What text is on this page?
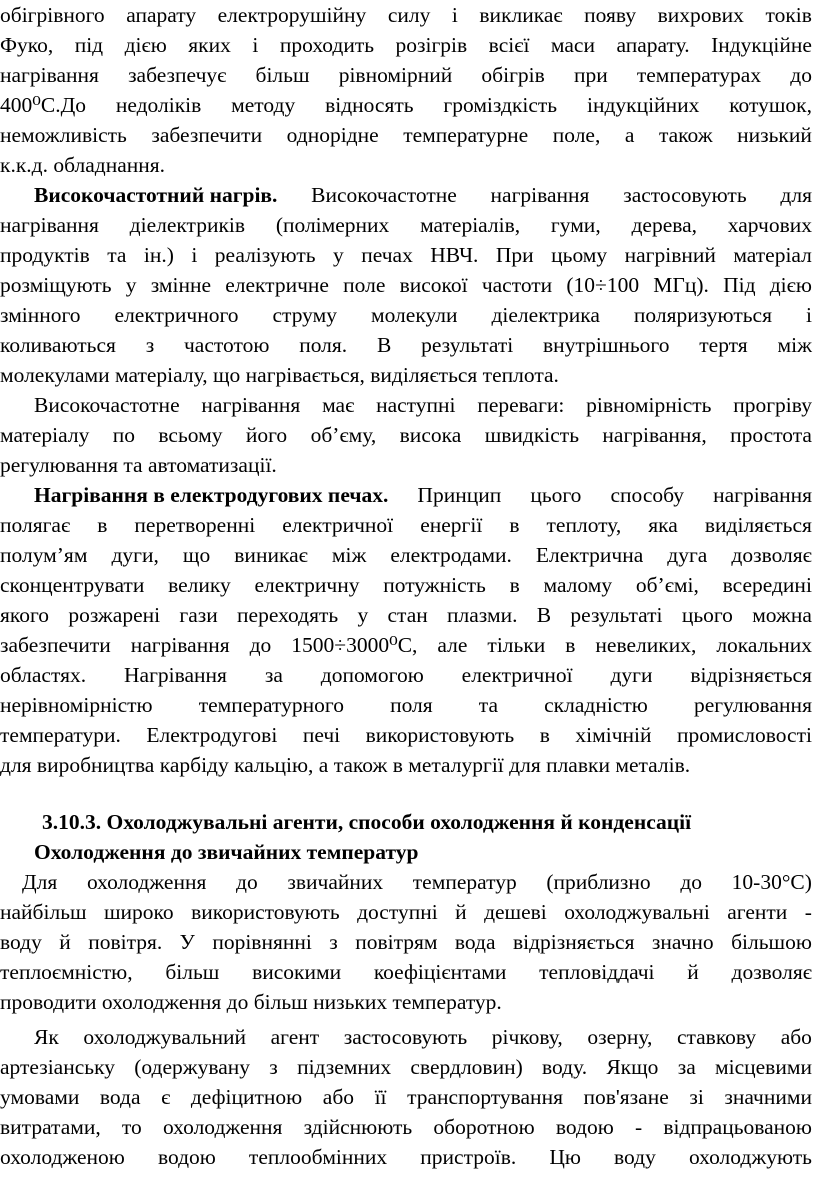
обігрівного апарату електрорушійну силу і викликає появу вихрових токів
Фуко, під дією яких і проходить розігрів всієї маси апарату. Індукційне
нагрівання забезпечує більш рівномірний обігрів при температурах до
400⁰С.До недоліків методу відносять громіздкість індукційних котушок,
неможливість забезпечити однорідне температурне поле, а також низький
к.к.д. обладнання.
Високочастотний нагрів. Високочастотне нагрівання застосовують для
нагрівання діелектриків (полімерних матеріалів, гуми, дерева, харчових
продуктів та ін.) і реалізують у печах НВЧ. При цьому нагрівний матеріал
розміщують у змінне електричне поле високої частоти (10÷100 МГц). Під дією
змінного електричного струму молекули діелектрика поляризуються і
коливаються з частотою поля. В результаті внутрішнього тертя між
молекулами матеріалу, що нагрівається, виділяється теплота.
Високочастотне нагрівання має наступні переваги: рівномірність прогріву
матеріалу по всьому його об’єму, висока швидкість нагрівання, простота
регулювання та автоматизації.
Нагрівання в електродугових печах. Принцип цього способу нагрівання
полягає в перетворенні електричної енергії в теплоту, яка виділяється
полум’ям дуги, що виникає між електродами. Електрична дуга дозволяє
сконцентрувати велику електричну потужність в малому об’ємі, всередині
якого розжарені гази переходять у стан плазми. В результаті цього можна
забезпечити нагрівання до 1500÷3000⁰С, але тільки в невеликих, локальних
областях. Нагрівання за допомогою електричної дуги відрізняється
нерівномірністю температурного поля та складністю регулювання
температури. Електродугові печі використовують в хімічній промисловості
для виробництва карбіду кальцію, а також в металургії для плавки металів.
3.10.3. Охолоджувальні агенти, способи охолодження й конденсації
Охолодження до звичайних температур
Для охолодження до звичайних температур (приблизно до 10-30°С)
найбільш широко використовують доступні й дешеві охолоджувальні агенти -
воду й повітря. У порівнянні з повітрям вода відрізняється значно більшою
теплоємністю, більш високими коефіцієнтами тепловіддачі й дозволяє
проводити охолодження до більш низьких температур.
Як охолоджувальний агент застосовують річкову, озерну, ставкову або
артезіанську (одержувану з підземних свердловин) воду. Якщо за місцевими
умовами вода є дефіцитною або її транспортування пов'язане зі значними
витратами, то охолодження здійснюють оборотною водою - відпрацьованою
охолодженою водою теплообмінних пристроїв. Цю воду охолоджують
